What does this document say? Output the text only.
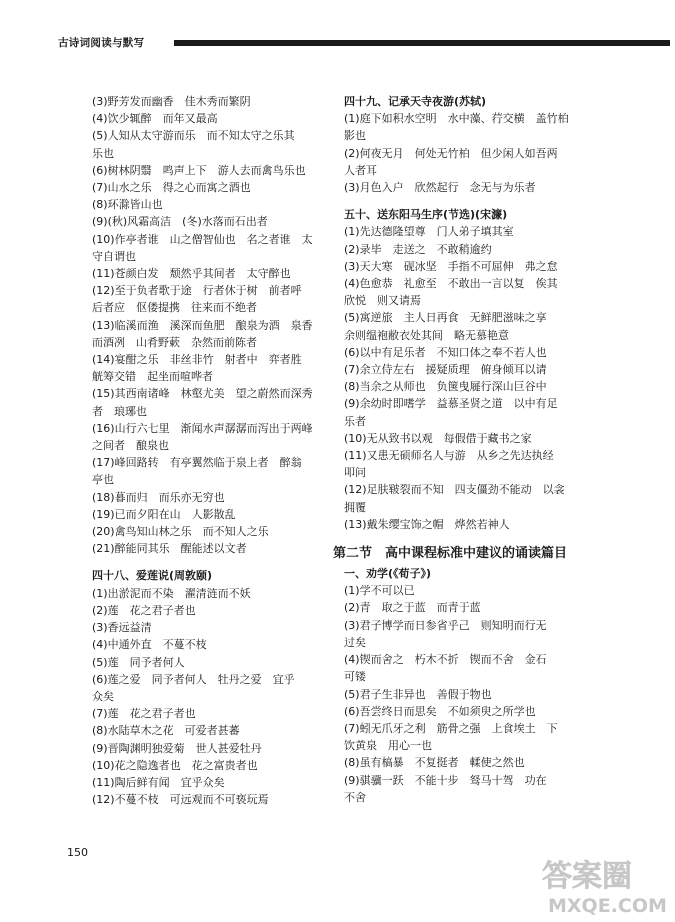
古诗词阅读与默写
(3)野芳发而幽香　佳木秀而繁阴
(4)饮少辄醉　而年又最高
(5)人知从太守游而乐　而不知太守之乐其
乐也
(6)树林阴翳　鸣声上下　游人去而禽鸟乐也
(7)山水之乐　得之心而寓之酒也
(8)环滁皆山也
(9)(秋)风霜高洁　(冬)水落而石出者
(10)作亭者谁　山之僧智仙也　名之者谁　太
守自谓也
(11)苍颜白发　颓然乎其间者　太守醉也
(12)至于负者歌于途　行者休于树　前者呼
后者应　伛偻提携　往来而不绝者
(13)临溪而渔　溪深而鱼肥　酿泉为酒　泉香
而酒冽　山肴野蔌　杂然而前陈者
(14)宴酣之乐　非丝非竹　射者中　弈者胜
觥筹交错　起坐而喧哗者
(15)其西南诸峰　林壑尤美　望之蔚然而深秀
者　琅琊也
(16)山行六七里　渐闻水声潺潺而泻出于两峰
之间者　酿泉也
(17)峰回路转　有亭翼然临于泉上者　醉翁
亭也
(18)暮而归　而乐亦无穷也
(19)已而夕阳在山　人影散乱
(20)禽鸟知山林之乐　而不知人之乐
(21)醉能同其乐　醒能述以文者
四十八、爱莲说(周敦颐)
(1)出淤泥而不染　濯清涟而不妖
(2)莲　花之君子者也
(3)香远益清
(4)中通外直　不蔓不枝
(5)莲　同予者何人
(6)莲之爱　同予者何人　牡丹之爱　宜乎
众矣
(7)莲　花之君子者也
(8)水陆草木之花　可爱者甚蕃
(9)晋陶渊明独爱菊　世人甚爱牡丹
(10)花之隐逸者也　花之富贵者也
(11)陶后鲜有闻　宜乎众矣
(12)不蔓不枝　可远观而不可亵玩焉
四十九、记承天寺夜游(苏轼)
(1)庭下如积水空明　水中藻、荇交横　盖竹柏
影也
(2)何夜无月　何处无竹柏　但少闲人如吾两
人者耳
(3)月色入户　欣然起行　念无与为乐者
五十、送东阳马生序(节选)(宋濂)
(1)先达德隆望尊　门人弟子填其室
(2)录毕　走送之　不敢稍逾约
(3)天大寒　砚冰坚　手指不可屈伸　弗之怠
(4)色愈恭　礼愈至　不敢出一言以复　俟其
欣悦　则又请焉
(5)寓逆旅　主人日再食　无鲜肥滋味之享
余则缊袍敝衣处其间　略无慕艳意
(6)以中有足乐者　不知口体之奉不若人也
(7)余立侍左右　援疑质理　俯身倾耳以请
(8)当余之从师也　负箧曳屣行深山巨谷中
(9)余幼时即嗜学　益慕圣贤之道　以中有足
乐者
(10)无从致书以观　每假借于藏书之家
(11)又患无硕师名人与游　从乡之先达执经
叩问
(12)足肤皲裂而不知　四支僵劲不能动　以衾
拥覆
(13)戴朱缨宝饰之帽　烨然若神人
第二节　高中课程标准中建议的诵读篇目
一、劝学(《荀子》)
(1)学不可以已
(2)青　取之于蓝　而青于蓝
(3)君子博学而日参省乎己　则知明而行无
过矣
(4)锲而舍之　朽木不折　锲而不舍　金石
可镂
(5)君子生非异也　善假于物也
(6)吾尝终日而思矣　不如须臾之所学也
(7)蚓无爪牙之利　筋骨之强　上食埃土　下
饮黄泉　用心一也
(8)虽有槁暴　不复挺者　輮使之然也
(9)骐骥一跃　不能十步　驽马十驾　功在
不舍
150
答案圈
MXQE.COM
